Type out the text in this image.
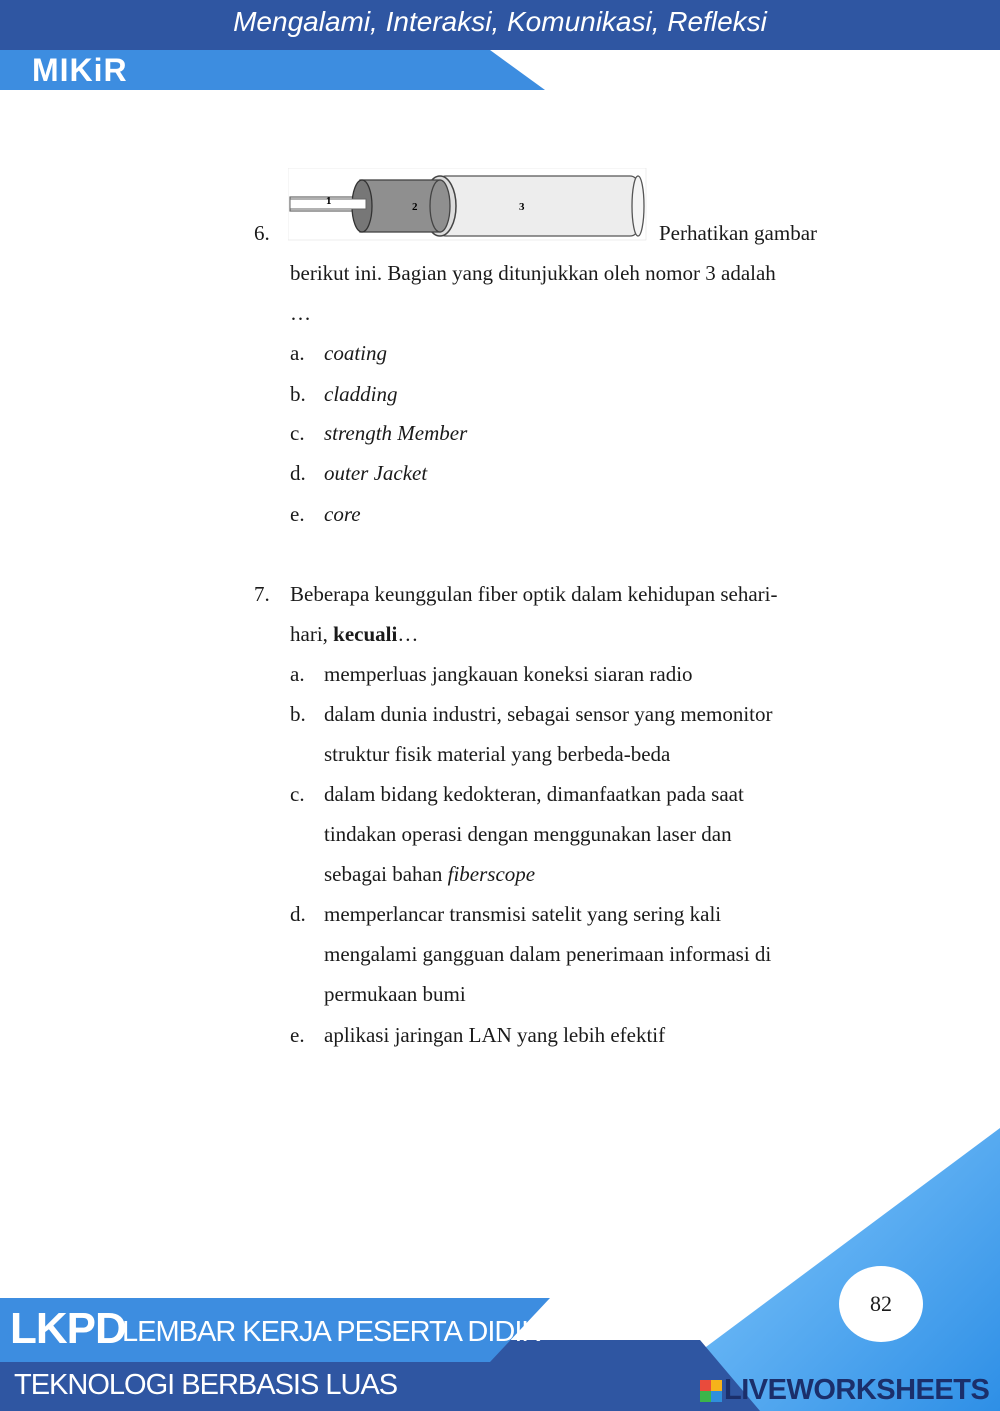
Mengalami, Interaksi, Komunikasi, Refleksi
MIKiR
6.
1	2	3
Perhatikan gambar
berikut ini. Bagian yang ditunjukkan oleh nomor 3 adalah
…
a. coating
b. cladding
c. strength Member
d. outer Jacket
e. core
7. Beberapa keunggulan fiber optik dalam kehidupan sehari-
hari, kecuali…
a. memperluas jangkauan koneksi siaran radio
b. dalam dunia industri, sebagai sensor yang memonitor
struktur fisik material yang berbeda-beda
c. dalam bidang kedokteran, dimanfaatkan pada saat
tindakan operasi dengan menggunakan laser dan
sebagai bahan fiberscope
d. memperlancar transmisi satelit yang sering kali
mengalami gangguan dalam penerimaan informasi di
permukaan bumi
e. aplikasi jaringan LAN yang lebih efektif
LKPD
LEMBAR KERJA PESERTA DIDIK
TEKNOLOGI BERBASIS LUAS
82
LIVEWORKSHEETS
